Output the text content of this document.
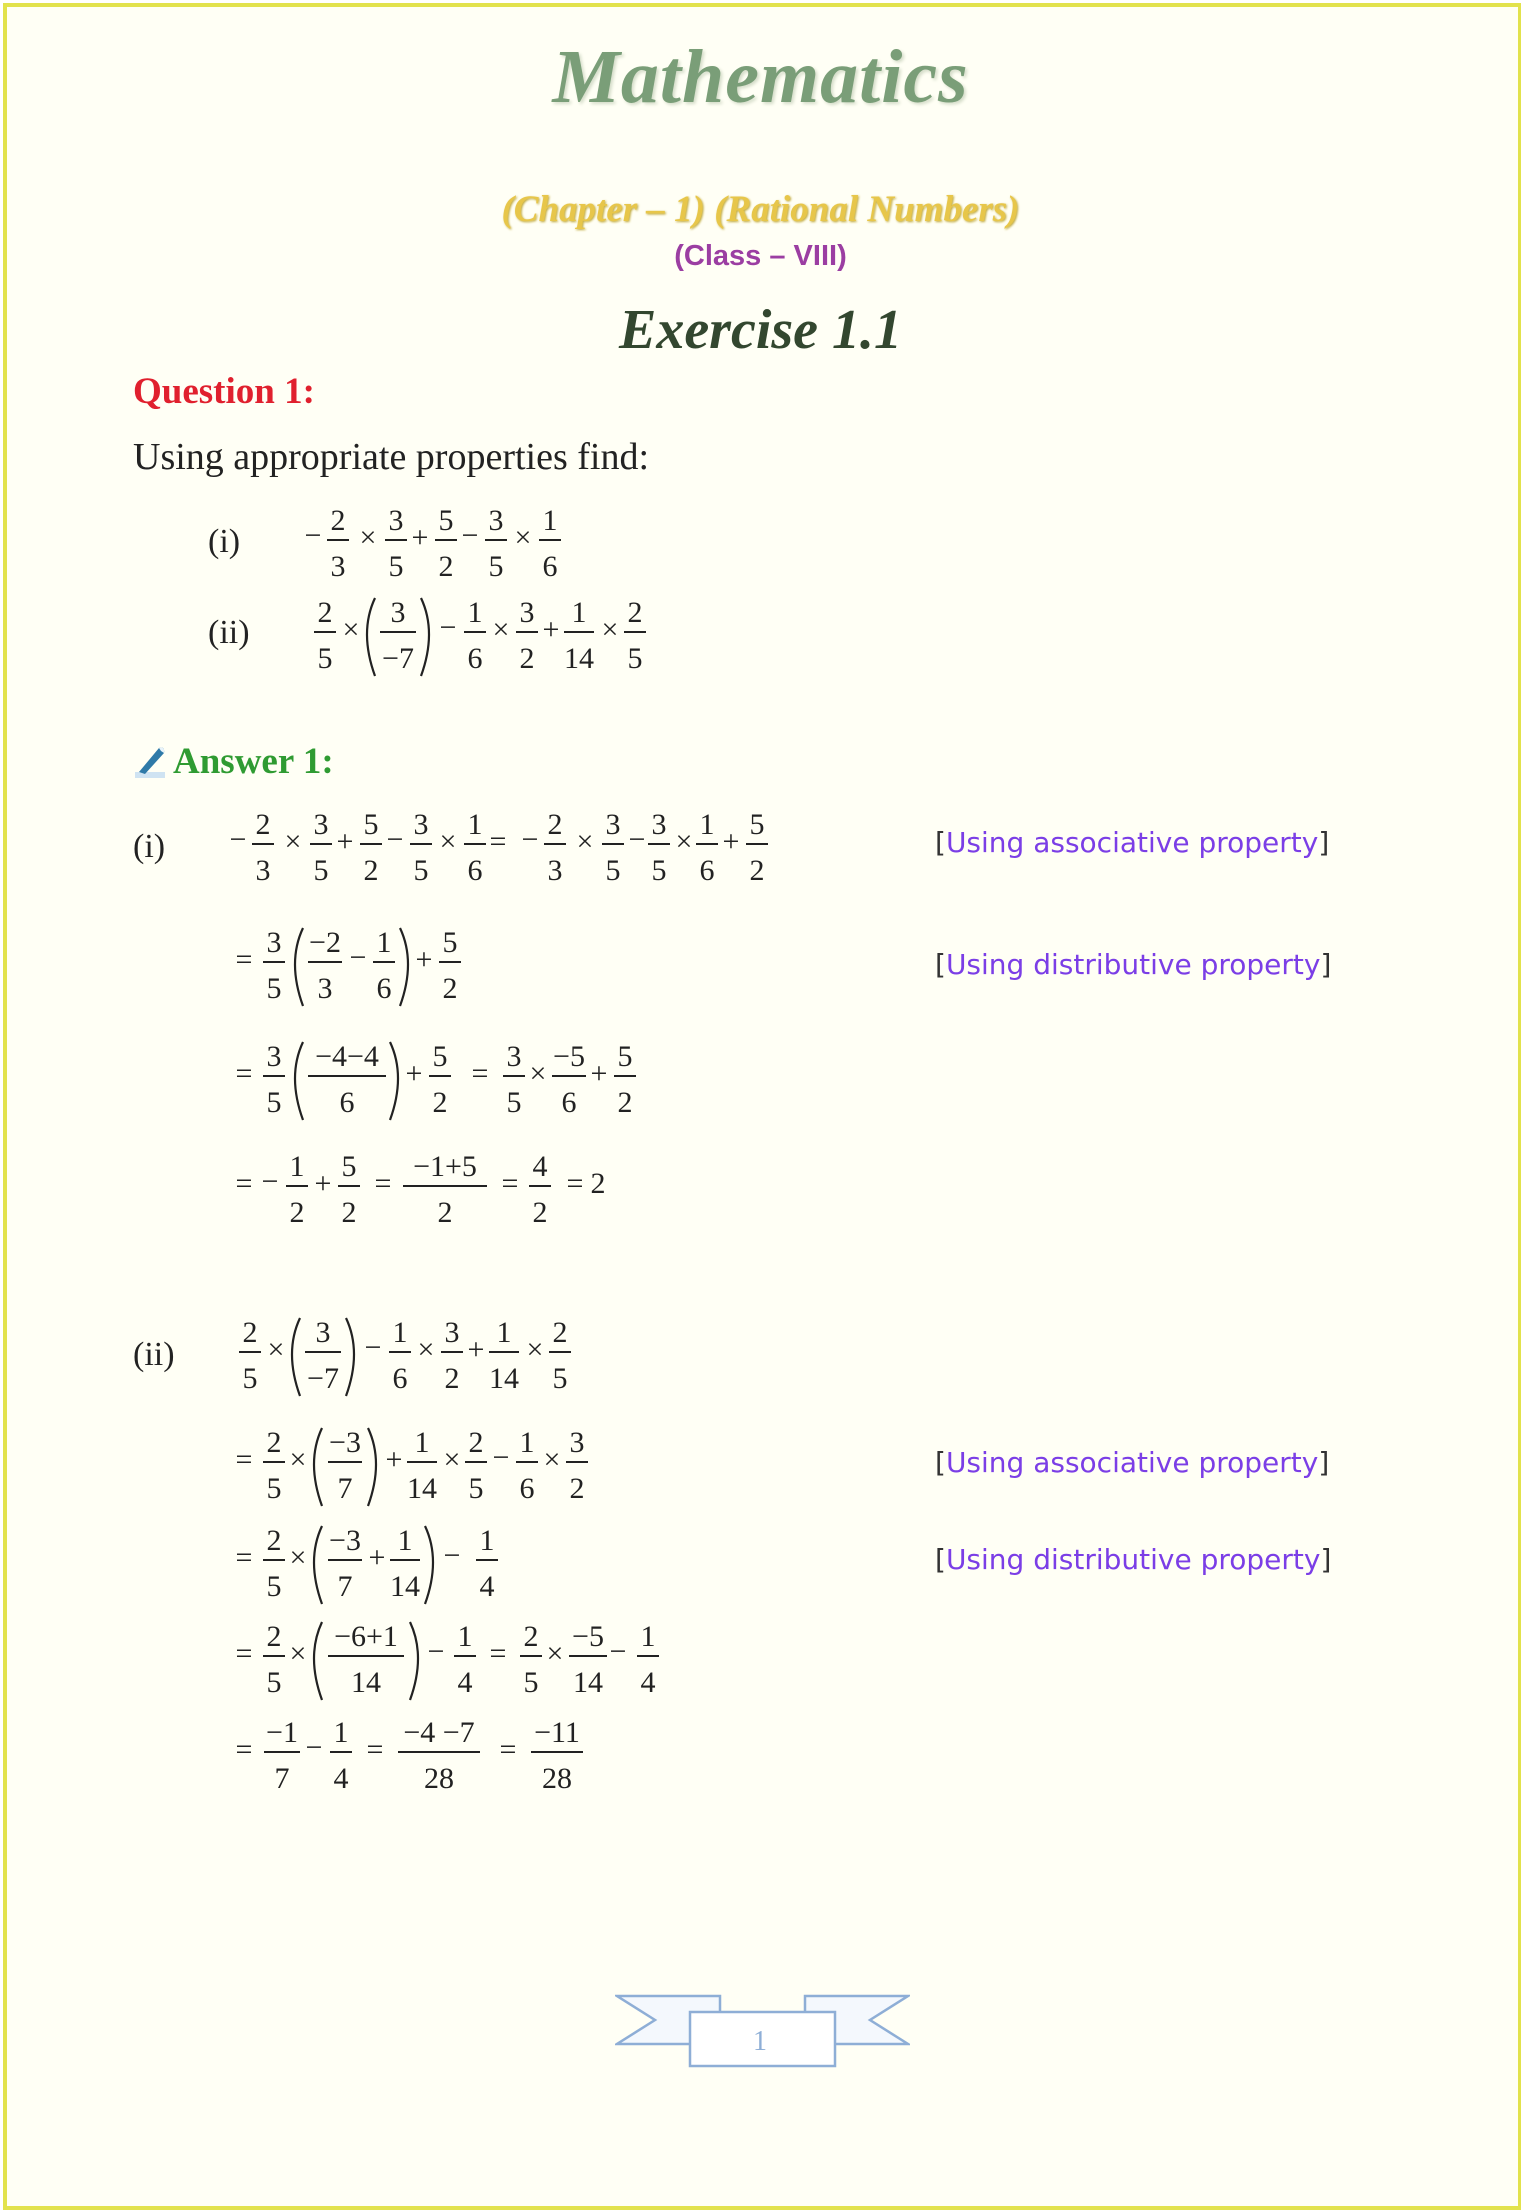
Mathematics
(Chapter – 1) (Rational Numbers)
(Class – VIII)
Exercise 1.1
Question 1:
Using appropriate properties find:
(i) − 2
3
×
3
5
+
5
2
− 3
5
×
1
6
(ii)
2
5
×
3
−7
− 1
6
×
3
2
+
1
14
×
2
5
Answer 1:
(i) − 2
3
×
3
5
+
5
2
− 3
5
×
1
6
= − 2
3
×
3
5
− 3
5
×
1
6
+
5
2
[Using associative property]
=
3
5
−2
3
− 1
6
+
5
2
[Using distributive property]
=
3
5
−4−4
6
+
5
2
=
3
5
×
−5
6
+
5
2
= − 1
2
+
5
2
=
−1+5
2
=
4
2
= 2
(ii)
2
5
×
3
−7
− 1
6
×
3
2
+
1
14
×
2
5
=
2
5
×
−3
7
+
1
14
×
2
5
− 1
6
×
3
2
[Using associative property]
=
2
5
×
−3
7
+
1
14
− 1
4
[Using distributive property]
=
2
5
×
−6+1
14
− 1
4
=
2
5
×
−5
14
− 1
4
=
−1
7
− 1
4
=
−4 −7
28
=
−11
28
1
